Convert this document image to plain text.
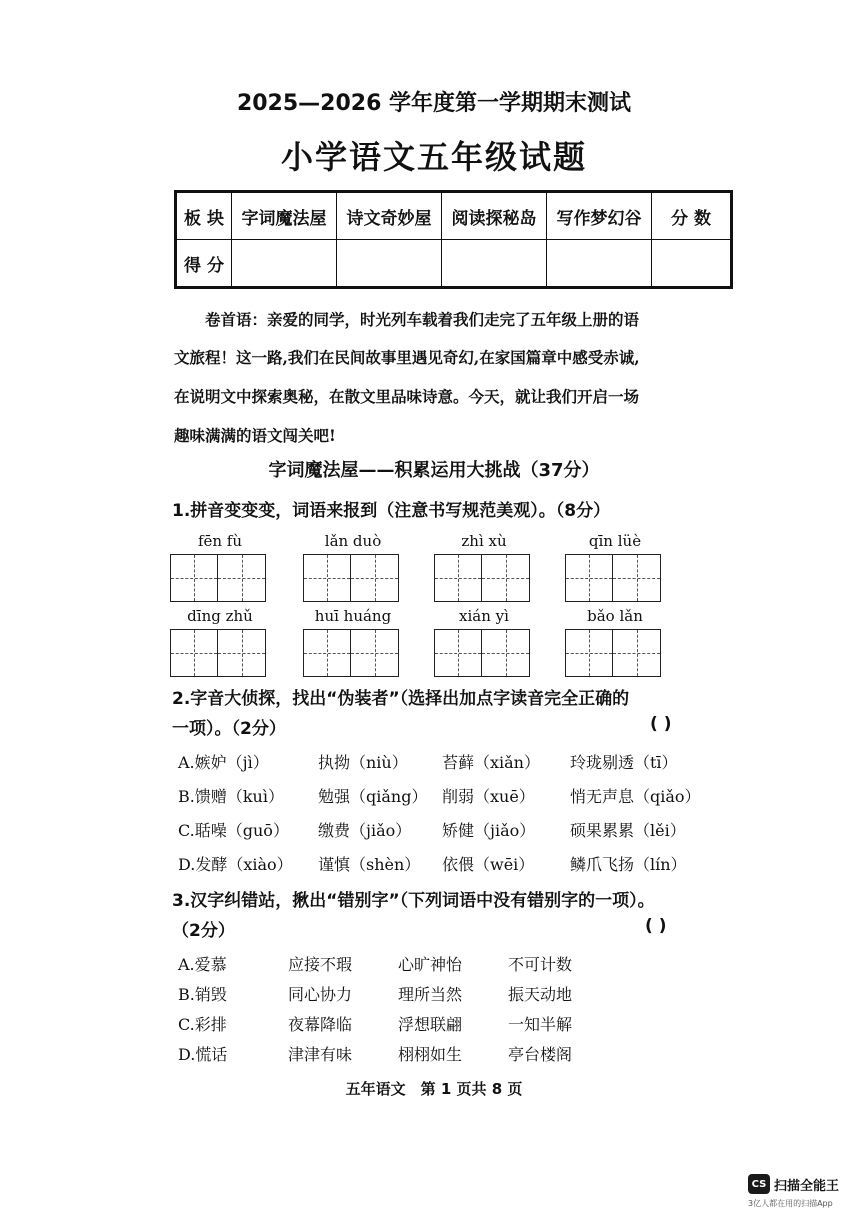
2025—2026 学年度第一学期期末测试
小学语文五年级试题
板 块	字词魔法屋	诗文奇妙屋	阅读探秘岛	写作梦幻谷	分 数
得 分					
卷首语：亲爱的同学，时光列车载着我们走完了五年级上册的语
文旅程！这一路,我们在民间故事里遇见奇幻,在家国篇章中感受赤诚,
在说明文中探索奥秘，在散文里品味诗意。今天，就让我们开启一场
趣味满满的语文闯关吧!
字词魔法屋——积累运用大挑战（37分）
1.拼音变变变，词语来报到（注意书写规范美观）。（8分）
fēn fù	lǎn duò	zhì xù	qīn lüè
dīng zhǔ	huī huáng	xián yì	bǎo lǎn
2.字音大侦探，找出“伪装者”（选择出加点字读音完全正确的
一项）。（2分）	( )
A.嫉妒（jì）	执拗（niù）	苔藓（xiǎn）	玲珑剔透（tī）
B.馈赠（kuì）	勉强（qiǎng） 削弱（xuē）	悄无声息（qiǎo）
C.聒噪（guō）	缴费（jiǎo）	矫健（jiǎo）	硕果累累（lěi）
D.发酵（xiào）	谨慎（shèn）	依偎（wēi）	鳞爪飞扬（lín）
3.汉字纠错站，揪出“错别字”（下列词语中没有错别字的一项）。
（2分）	( )
A.爱慕	应接不瑕	心旷神怡	不可计数
B.销毁	同心协力	理所当然	振天动地
C.彩排	夜幕降临	浮想联翩	一知半解
D.慌话	津津有味	栩栩如生	亭台楼阁
五年语文　第 1 页共 8 页
CS 扫描全能王
3亿人都在用的扫描App
